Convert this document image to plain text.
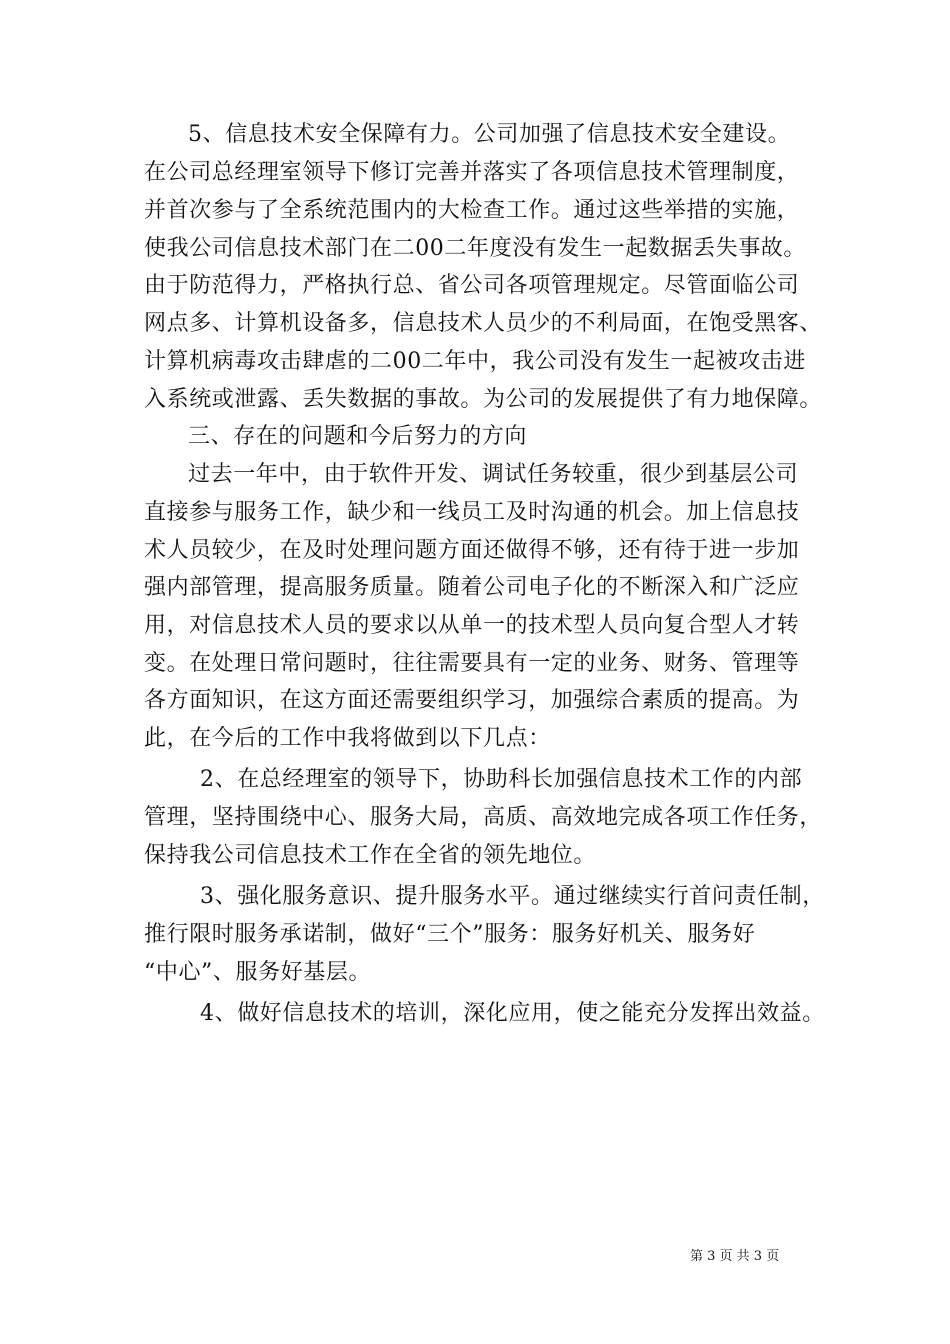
5、信息技术安全保障有力。公司加强了信息技术安全建设。
在公司总经理室领导下修订完善并落实了各项信息技术管理制度，
并首次参与了全系统范围内的大检查工作。通过这些举措的实施，
使我公司信息技术部门在二00二年度没有发生一起数据丢失事故。
由于防范得力，严格执行总、省公司各项管理规定。尽管面临公司
网点多、计算机设备多，信息技术人员少的不利局面，在饱受黑客、
计算机病毒攻击肆虐的二00二年中，我公司没有发生一起被攻击进
入系统或泄露、丢失数据的事故。为公司的发展提供了有力地保障。
三、存在的问题和今后努力的方向
过去一年中，由于软件开发、调试任务较重，很少到基层公司
直接参与服务工作，缺少和一线员工及时沟通的机会。加上信息技
术人员较少，在及时处理问题方面还做得不够，还有待于进一步加
强内部管理，提高服务质量。随着公司电子化的不断深入和广泛应
用，对信息技术人员的要求以从单一的技术型人员向复合型人才转
变。在处理日常问题时，往往需要具有一定的业务、财务、管理等
各方面知识，在这方面还需要组织学习，加强综合素质的提高。为
此，在今后的工作中我将做到以下几点：
2、在总经理室的领导下，协助科长加强信息技术工作的内部
管理，坚持围绕中心、服务大局，高质、高效地完成各项工作任务，
保持我公司信息技术工作在全省的领先地位。
3、强化服务意识、提升服务水平。通过继续实行首问责任制，
推行限时服务承诺制，做好“三个”服务：服务好机关、服务好
“中心”、服务好基层。
4、做好信息技术的培训，深化应用，使之能充分发挥出效益。
第 3 页 共 3 页
